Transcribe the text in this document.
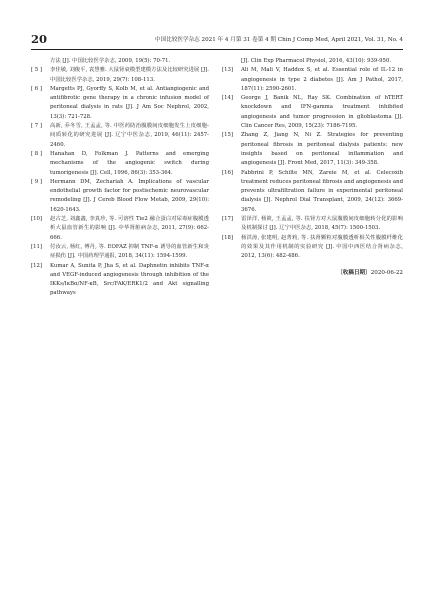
20	中国比较医学杂志 2021 年 4 月第 31 卷第 4 期 Chin J Comp Med, April 2021, Vol. 31, No. 4
方法 [J]. 中国比较医学杂志, 2009, 19(5): 70-71.
[ 5 ]	李佳敏, 刘俊平, 袁慧雅. 大鼠肾衰模型建模方法及比较研究进展 [J]. 中国比较医学杂志, 2019, 29(7): 108-113.
[ 6 ]	Margetts PJ, Gyorffy S, Kolb M, et al. Antiangiogenic and antifibrotic gene therapy in a chronic infusion model of peritoneal dialysis in rats [J]. J Am Soc Nephrol, 2002, 13(3): 721-728.
[ 7 ]	高新, 乔冬雪, 王孟孟, 等. 中医药防治腹膜间皮细胞发生上皮细胞-间质转化的研究进展 [J]. 辽宁中医杂志, 2019, 46(11): 2457-2460.
[ 8 ]	Hanahan D, Folkman J. Patterns and emerging mechanisms of the angiogenic switch during tumorigenesis [J]. Cell, 1996, 86(3): 353-364.
[ 9 ]	Hermann DM, Zechariah A. Implications of vascular endothelial growth factor for postischemic neurovascular remodeling [J]. J Cereb Blood Flow Metab, 2009, 29(10): 1620-1643.
[10]	赵古芝, 刘鑫鑫, 李真珍, 等. 可溶性 Tie2 融合蛋白对尿毒症腹膜透析大鼠血管新生的影响 [J]. 中华肾脏病杂志, 2011, 27(9): 662-666.
[11]	付汝云, 杨红, 傅丹, 等. EOFAZ 抑制 TNF-α 诱导的血管新生和炎症损伤 [J]. 中国药理学通报, 2018, 34(11): 1594-1599.
[12]	Kumar A, Sunita P, Jha S, et al. Daphnetin inhibits TNF-α and VEGF-induced angiogenesis through inhibition of the IKKs/IκBα/NF-κB, Src/FAK/ERK1/2 and Akt signalling pathways
[J]. Clin Exp Pharmacol Physiol, 2016, 43(10): 939-950.
[13]	Ali M, Mali V, Haddox S, et al. Essential role of IL-12 in angiogenesis in type 2 diabetes [J]. Am J Pathol, 2017, 187(11): 2590-2601.
[14]	George J, Banik NL, Ray SK. Combination of hTERT knockdown and IFN-gamma treatment inhibited angiogenesis and tumor progression in glioblastoma [J]. Clin Cancer Res, 2009, 15(23): 7186-7195.
[15]	Zhang Z, Jiang N, Ni Z. Strategies for preventing peritoneal fibrosis in peritoneal dialysis patients: new insights based on peritoneal inflammation and angiogenesis [J]. Front Med, 2017, 11(3): 349-358.
[16]	Fabbrini P, Schilte MN, Zareie M, et al. Celecoxib treatment reduces peritoneal fibrosis and angiogenesis and prevents ultrafiltration failure in experimental peritoneal dialysis [J]. Nephrol Dial Transplant, 2009, 24(12): 3669-3676.
[17]	雷泽洋, 杨筱, 王孟孟, 等. 扶肾方对大鼠腹膜间皮细胞转分化的影响及机制探讨 [J]. 辽宁中医杂志, 2018, 45(7): 1500-1503.
[18]	杨洪涛, 张建明, 赵菁莉, 等. 扶肾颗粒对腹膜透析相关性腹膜纤维化的效果及其作用机制的实验研究 [J]. 中国中西医结合肾病杂志, 2012, 13(6): 482-486.
〔收稿日期〕2020-06-22
